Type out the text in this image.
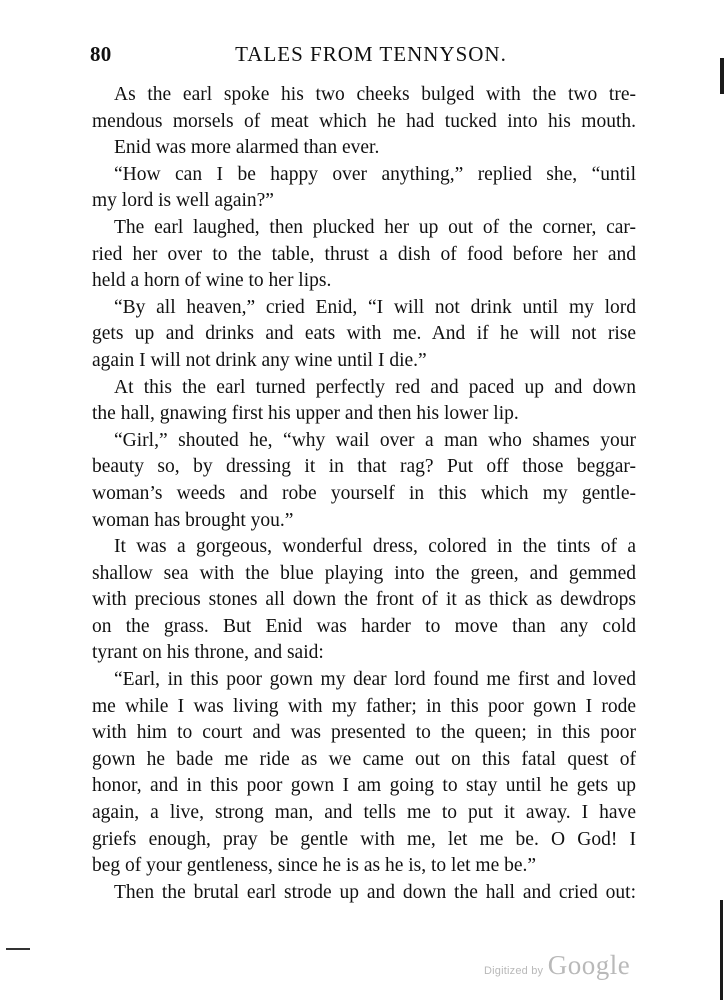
80	TALES FROM TENNYSON.
As the earl spoke his two cheeks bulged with the two tre-
mendous morsels of meat which he had tucked into his mouth.
Enid was more alarmed than ever.
“How can I be happy over anything,” replied she, “until
my lord is well again?”
The earl laughed, then plucked her up out of the corner, car-
ried her over to the table, thrust a dish of food before her and
held a horn of wine to her lips.
“By all heaven,” cried Enid, “I will not drink until my lord
gets up and drinks and eats with me. And if he will not rise
again I will not drink any wine until I die.”
At this the earl turned perfectly red and paced up and down
the hall, gnawing first his upper and then his lower lip.
“Girl,” shouted he, “why wail over a man who shames your
beauty so, by dressing it in that rag? Put off those beggar-
woman’s weeds and robe yourself in this which my gentle-
woman has brought you.”
It was a gorgeous, wonderful dress, colored in the tints of a
shallow sea with the blue playing into the green, and gemmed
with precious stones all down the front of it as thick as dewdrops
on the grass. But Enid was harder to move than any cold
tyrant on his throne, and said:
“Earl, in this poor gown my dear lord found me first and loved
me while I was living with my father; in this poor gown I rode
with him to court and was presented to the queen; in this poor
gown he bade me ride as we came out on this fatal quest of
honor, and in this poor gown I am going to stay until he gets up
again, a live, strong man, and tells me to put it away. I have
griefs enough, pray be gentle with me, let me be. O God! I
beg of your gentleness, since he is as he is, to let me be.”
Then the brutal earl strode up and down the hall and cried out:
Digitized by Google
